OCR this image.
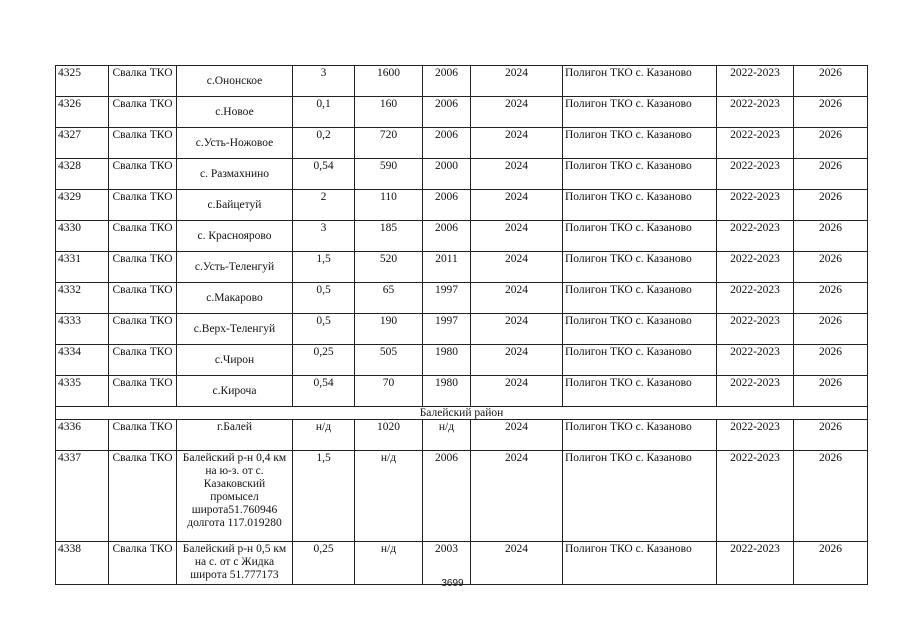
4325	Свалка ТКО	с.Ононское	3	1600	2006	2024	Полигон ТКО с. Казаново	2022-2023	2026
4326	Свалка ТКО	с.Новое	0,1	160	2006	2024	Полигон ТКО с. Казаново	2022-2023	2026
4327	Свалка ТКО	с.Усть-Ножовое	0,2	720	2006	2024	Полигон ТКО с. Казаново	2022-2023	2026
4328	Свалка ТКО	с. Размахнино	0,54	590	2000	2024	Полигон ТКО с. Казаново	2022-2023	2026
4329	Свалка ТКО	с.Байцетуй	2	110	2006	2024	Полигон ТКО с. Казаново	2022-2023	2026
4330	Свалка ТКО	с. Красноярово	3	185	2006	2024	Полигон ТКО с. Казаново	2022-2023	2026
4331	Свалка ТКО	с.Усть-Теленгуй	1,5	520	2011	2024	Полигон ТКО с. Казаново	2022-2023	2026
4332	Свалка ТКО	с.Макарово	0,5	65	1997	2024	Полигон ТКО с. Казаново	2022-2023	2026
4333	Свалка ТКО	с.Верх-Теленгуй	0,5	190	1997	2024	Полигон ТКО с. Казаново	2022-2023	2026
4334	Свалка ТКО	с.Чирон	0,25	505	1980	2024	Полигон ТКО с. Казаново	2022-2023	2026
4335	Свалка ТКО	с.Кироча	0,54	70	1980	2024	Полигон ТКО с. Казаново	2022-2023	2026
Балейский район									
4336	Свалка ТКО	г.Балей	н/д	1020	н/д	2024	Полигон ТКО с. Казаново	2022-2023	2026
4337	Свалка ТКО	Балейский р-н 0,4 км на ю-з. от с. Казаковский промысел широта51.760946 долгота 117.019280	1,5	н/д	2006	2024	Полигон ТКО с. Казаново	2022-2023	2026
4338	Свалка ТКО	Балейский р-н 0,5 км на с. от с Жидка широта 51.777173	0,25	н/д	2003	2024	Полигон ТКО с. Казаново	2022-2023	2026
3699
